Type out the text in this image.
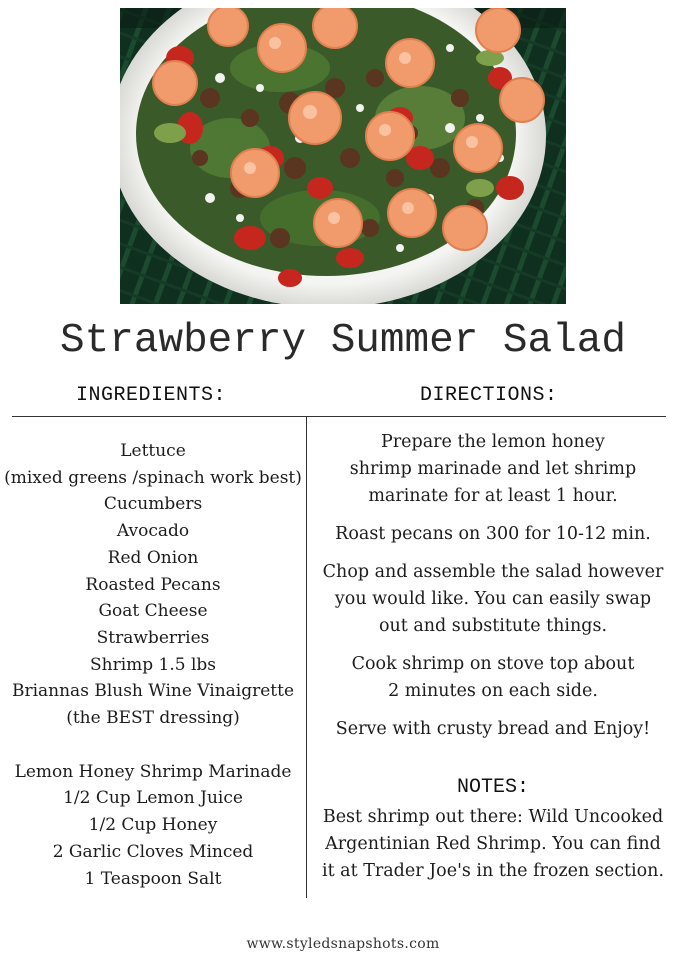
Strawberry Summer Salad
INGREDIENTS:	DIRECTIONS:
Lettuce
(mixed greens /spinach work best)
Cucumbers
Avocado
Red Onion
Roasted Pecans
Goat Cheese
Strawberries
Shrimp 1.5 lbs
Briannas Blush Wine Vinaigrette
(the BEST dressing)
Lemon Honey Shrimp Marinade
1/2 Cup Lemon Juice
1/2 Cup Honey
2 Garlic Cloves Minced
1 Teaspoon Salt

Prepare the lemon honey
shrimp marinade and let shrimp
marinate for at least 1 hour.

Roast pecans on 300 for 10-12 min.

Chop and assemble the salad however
you would like. You can easily swap
out and substitute things.

Cook shrimp on stove top about
2 minutes on each side.

Serve with crusty bread and Enjoy!

NOTES:
Best shrimp out there: Wild Uncooked
Argentinian Red Shrimp. You can find
it at Trader Joe's in the frozen section.
www.styledsnapshots.com
